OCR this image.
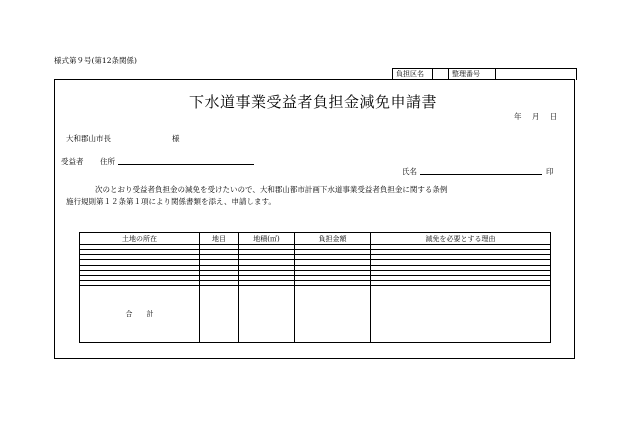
様式第９号(第12条関係)
負担区名	整理番号
下水道事業受益者負担金減免申請書
年 月 日
大和郡山市長	様
受益者 住所
氏名	印
次のとおり受益者負担金の減免を受けたいので、大和郡山都市計画下水道事業受益者負担金に関する条例
施行規則第１２条第１項により関係書類を添え、申請します。
土地の所在	地目	地積(㎡)	負担金額	減免を必要とする理由

合　　計				
